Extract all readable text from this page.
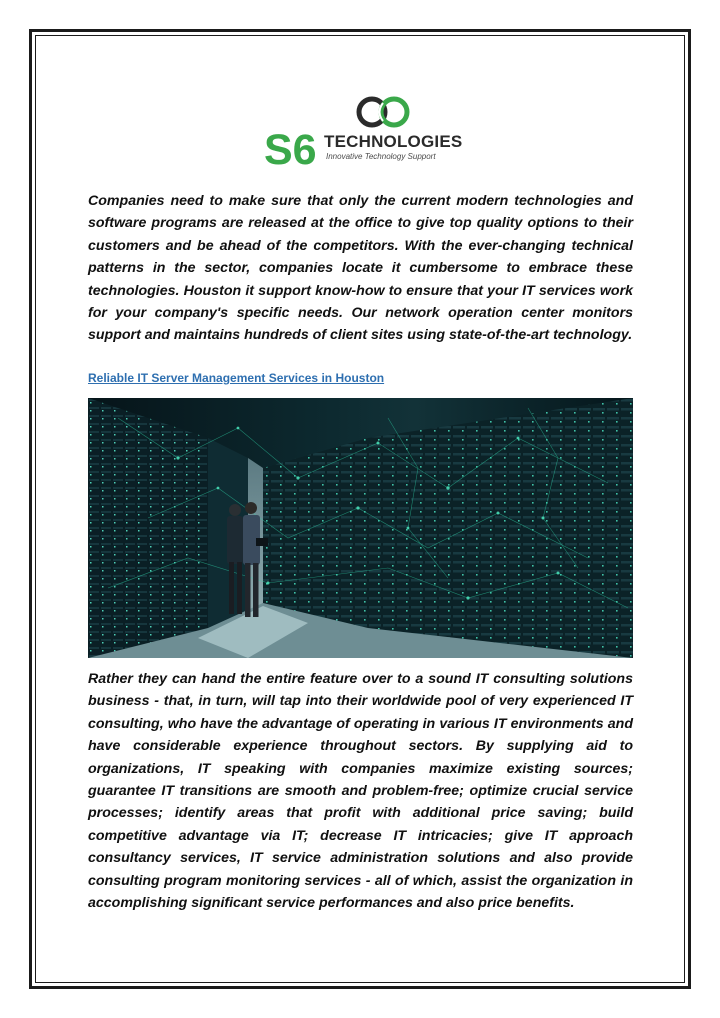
S6 TECHNOLOGIES
Innovative Technology Support

Companies need to make sure that only the current modern technologies and software programs are released at the office to give top quality options to their customers and be ahead of the competitors. With the ever-changing technical patterns in the sector, companies locate it cumbersome to embrace these technologies. Houston it support know-how to ensure that your IT services work for your company's specific needs. Our network operation center monitors support and maintains hundreds of client sites using state-of-the-art technology.

Reliable IT Server Management Services in Houston

Rather they can hand the entire feature over to a sound IT consulting solutions business - that, in turn, will tap into their worldwide pool of very experienced IT consulting, who have the advantage of operating in various IT environments and have considerable experience throughout sectors. By supplying aid to organizations, IT speaking with companies maximize existing sources; guarantee IT transitions are smooth and problem-free; optimize crucial service processes; identify areas that profit with additional price saving; build competitive advantage via IT; decrease IT intricacies; give IT approach consultancy services, IT service administration solutions and also provide consulting program monitoring services - all of which, assist the organization in accomplishing significant service performances and also price benefits.
